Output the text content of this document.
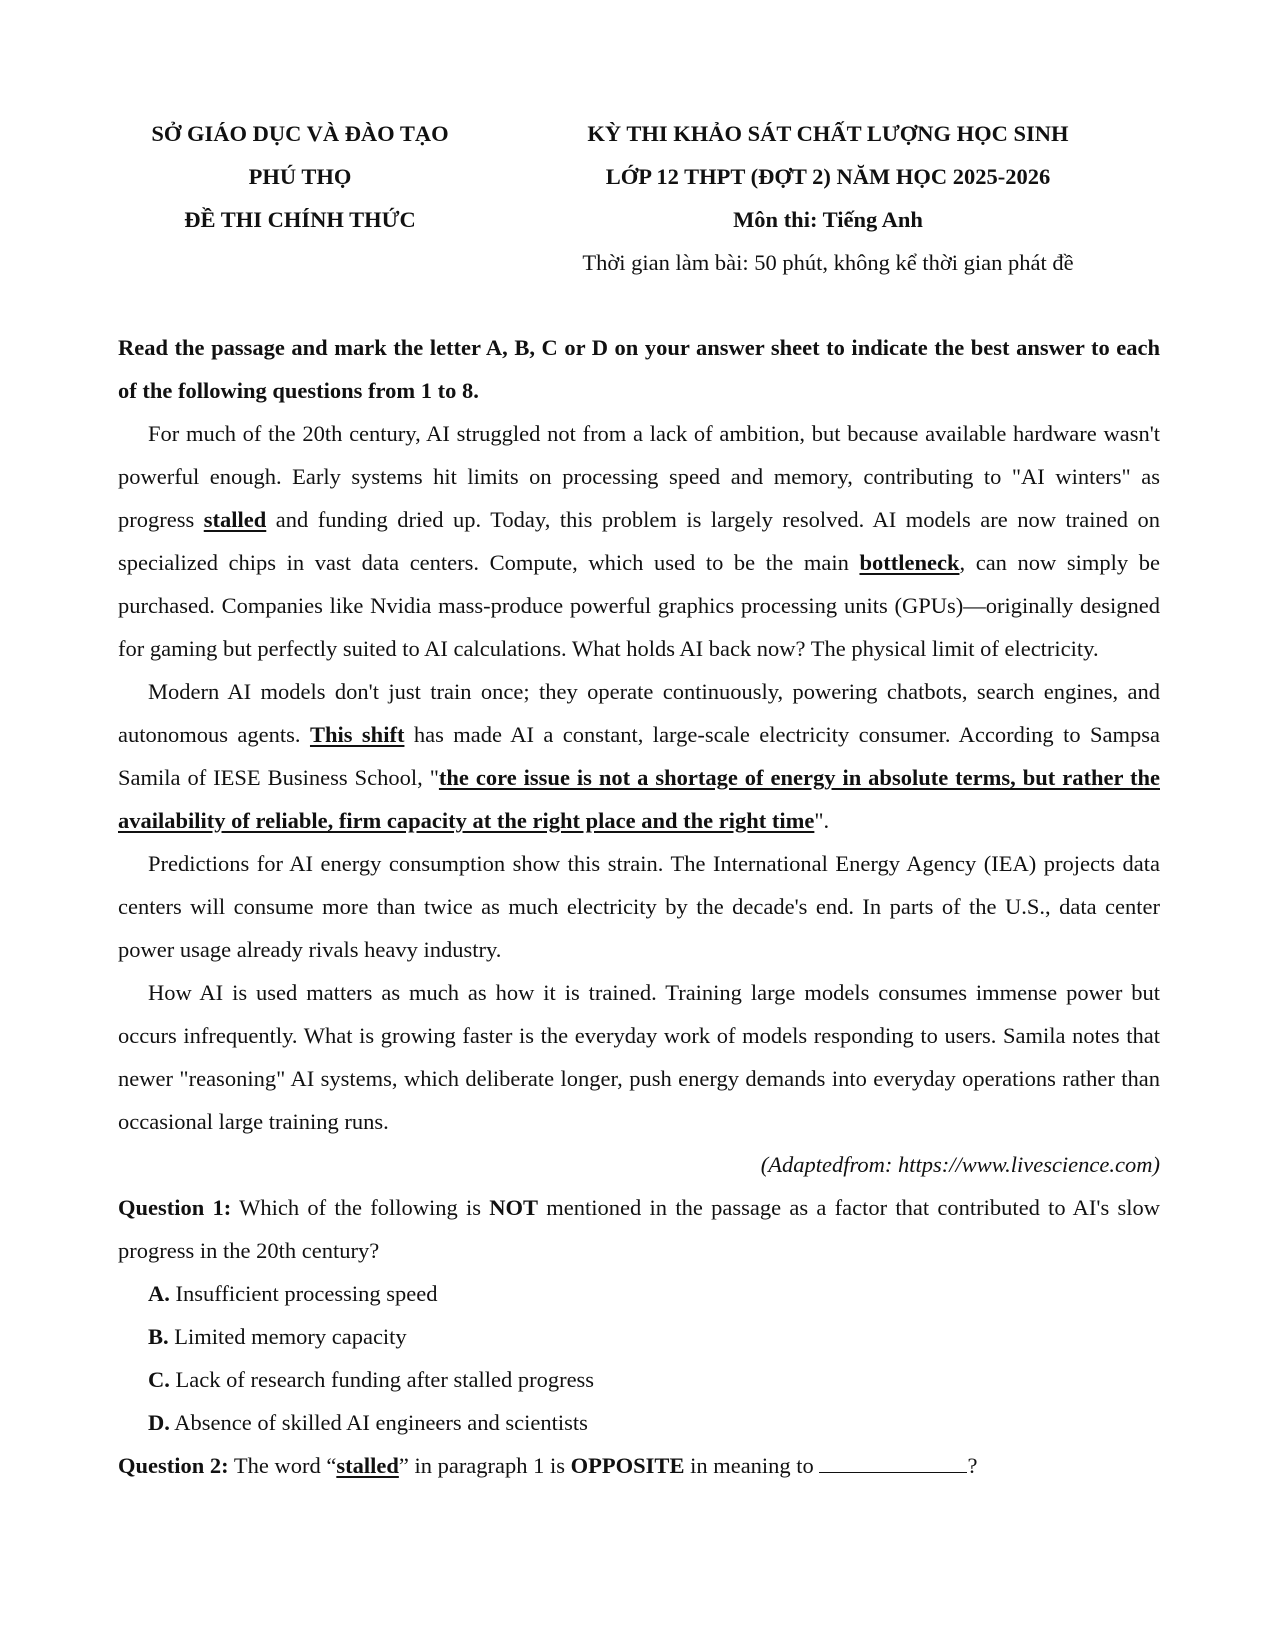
SỞ GIÁO DỤC VÀ ĐÀO TẠO
PHÚ THỌ
ĐỀ THI CHÍNH THỨC
KỲ THI KHẢO SÁT CHẤT LƯỢNG HỌC SINH
LỚP 12 THPT (ĐỢT 2) NĂM HỌC 2025-2026
Môn thi: Tiếng Anh
Thời gian làm bài: 50 phút, không kể thời gian phát đề

Read the passage and mark the letter A, B, C or D on your answer sheet to indicate the best answer to each of the following questions from 1 to 8.

For much of the 20th century, AI struggled not from a lack of ambition, but because available hardware wasn't powerful enough. Early systems hit limits on processing speed and memory, contributing to "AI winters" as progress stalled and funding dried up. Today, this problem is largely resolved. AI models are now trained on specialized chips in vast data centers. Compute, which used to be the main bottleneck, can now simply be purchased. Companies like Nvidia mass-produce powerful graphics processing units (GPUs)—originally designed for gaming but perfectly suited to AI calculations. What holds AI back now? The physical limit of electricity.

Modern AI models don't just train once; they operate continuously, powering chatbots, search engines, and autonomous agents. This shift has made AI a constant, large-scale electricity consumer. According to Sampsa Samila of IESE Business School, "the core issue is not a shortage of energy in absolute terms, but rather the availability of reliable, firm capacity at the right place and the right time".

Predictions for AI energy consumption show this strain. The International Energy Agency (IEA) projects data centers will consume more than twice as much electricity by the decade's end. In parts of the U.S., data center power usage already rivals heavy industry.

How AI is used matters as much as how it is trained. Training large models consumes immense power but occurs infrequently. What is growing faster is the everyday work of models responding to users. Samila notes that newer "reasoning" AI systems, which deliberate longer, push energy demands into everyday operations rather than occasional large training runs.

(Adaptedfrom: https://www.livescience.com)

Question 1: Which of the following is NOT mentioned in the passage as a factor that contributed to AI's slow progress in the 20th century?

A. Insufficient processing speed

B. Limited memory capacity

C. Lack of research funding after stalled progress

D. Absence of skilled AI engineers and scientists

Question 2: The word “stalled” in paragraph 1 is OPPOSITE in meaning to	?
